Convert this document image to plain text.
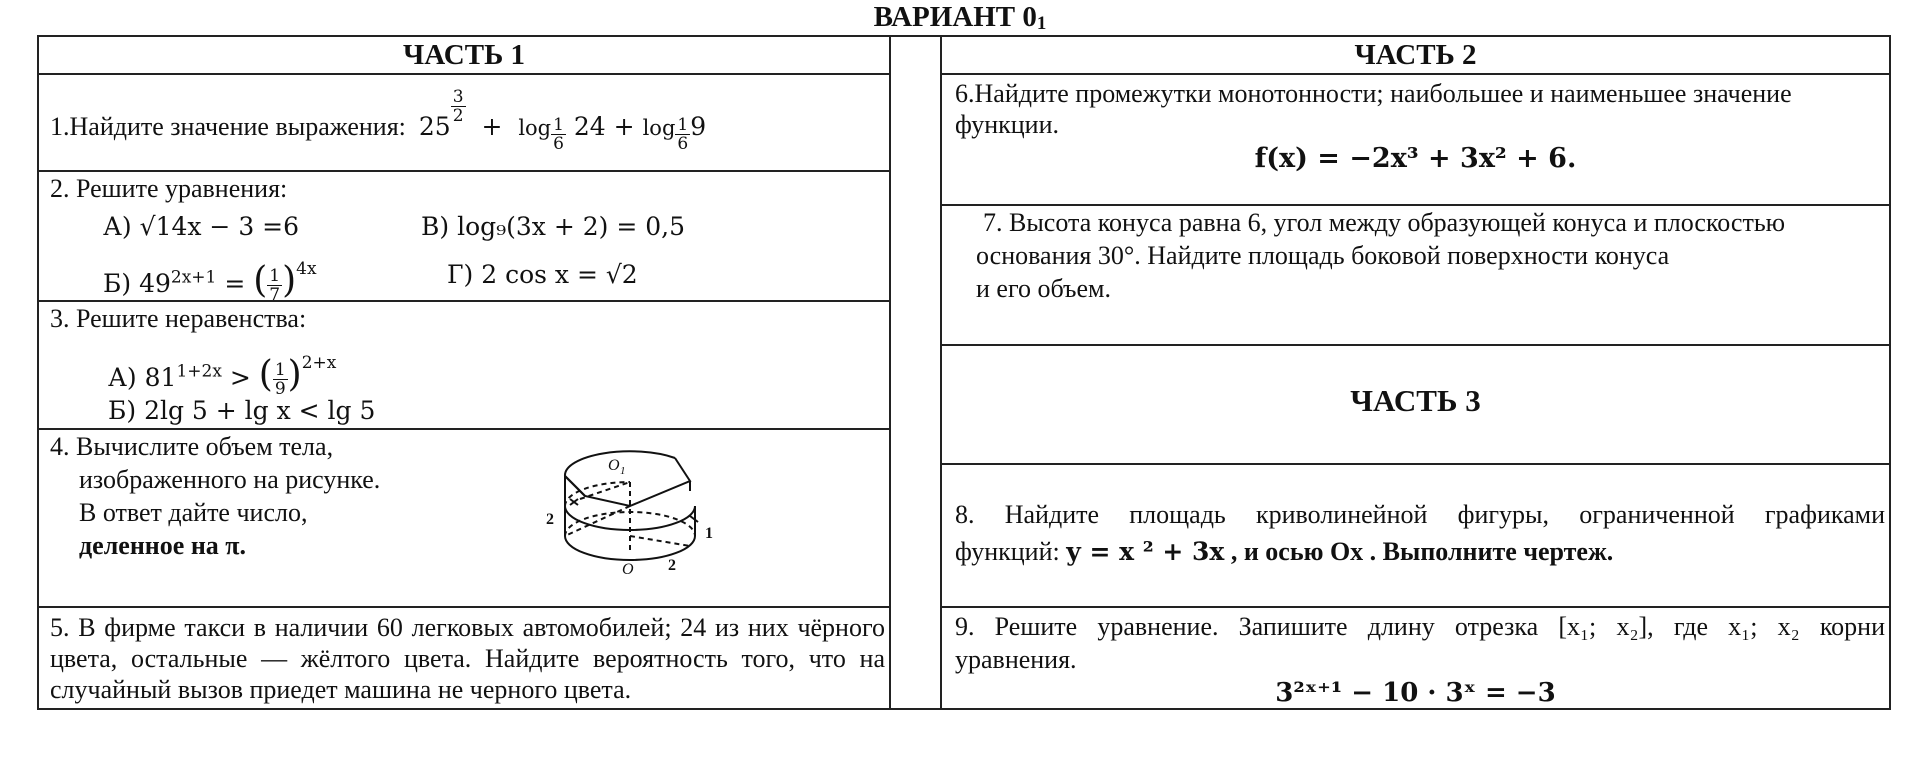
ВАРИАНТ $0_1$
ЧАСТЬ 1
1.Найдите значение выражения: 25
$\frac{3}{2}$
+ $\log \frac{1}{6} 24 + \log \frac{1}{6} 9$
2. Решите уравнения:
А) √14x − 3 =6	В) log₉(3x + 2) = 0,5
Б) $49^{2x+1}$ = ( $\frac{1}{7} )^{4x}$	Г) 2 cos x = √2
3. Решите неравенства:
А) $81^{1+2x}$ > ( $\frac{1}{9} )^{2+x}$
Б) 2lg 5 + lg x < lg 5
4. Вычислите объем тела,
изображенного на рисунке.
В ответ дайте число,
деленное на π.
O 1
O
2
1
2
5. В фирме такси в наличии 60 легковых автомобилей; 24 из них чёрного цвета, остальные — жёлтого цвета. Найдите вероятность того, что на случайный вызов приедет машина не черного цвета.
ЧАСТЬ 2
6.Найдите промежутки монотонности; наибольшее и наименьшее значение функции.
f(x) = −2x³ + 3x² + 6.
7. Высота конуса равна 6, угол между образующей конуса и плоскостью
основания 30°. Найдите площадь боковой поверхности конуса
и его объем.
ЧАСТЬ 3
8. Найдите площадь криволинейной фигуры, ограниченной графиками
функций: y = x ² + 3x , и осью Ox . Выполните чертеж.
9. Решите уравнение. Запишите длину отрезка [x₁; x₂], где x₁; x₂ корни
уравнения.
3²ˣ⁺¹ − 10 · 3ˣ = −3
